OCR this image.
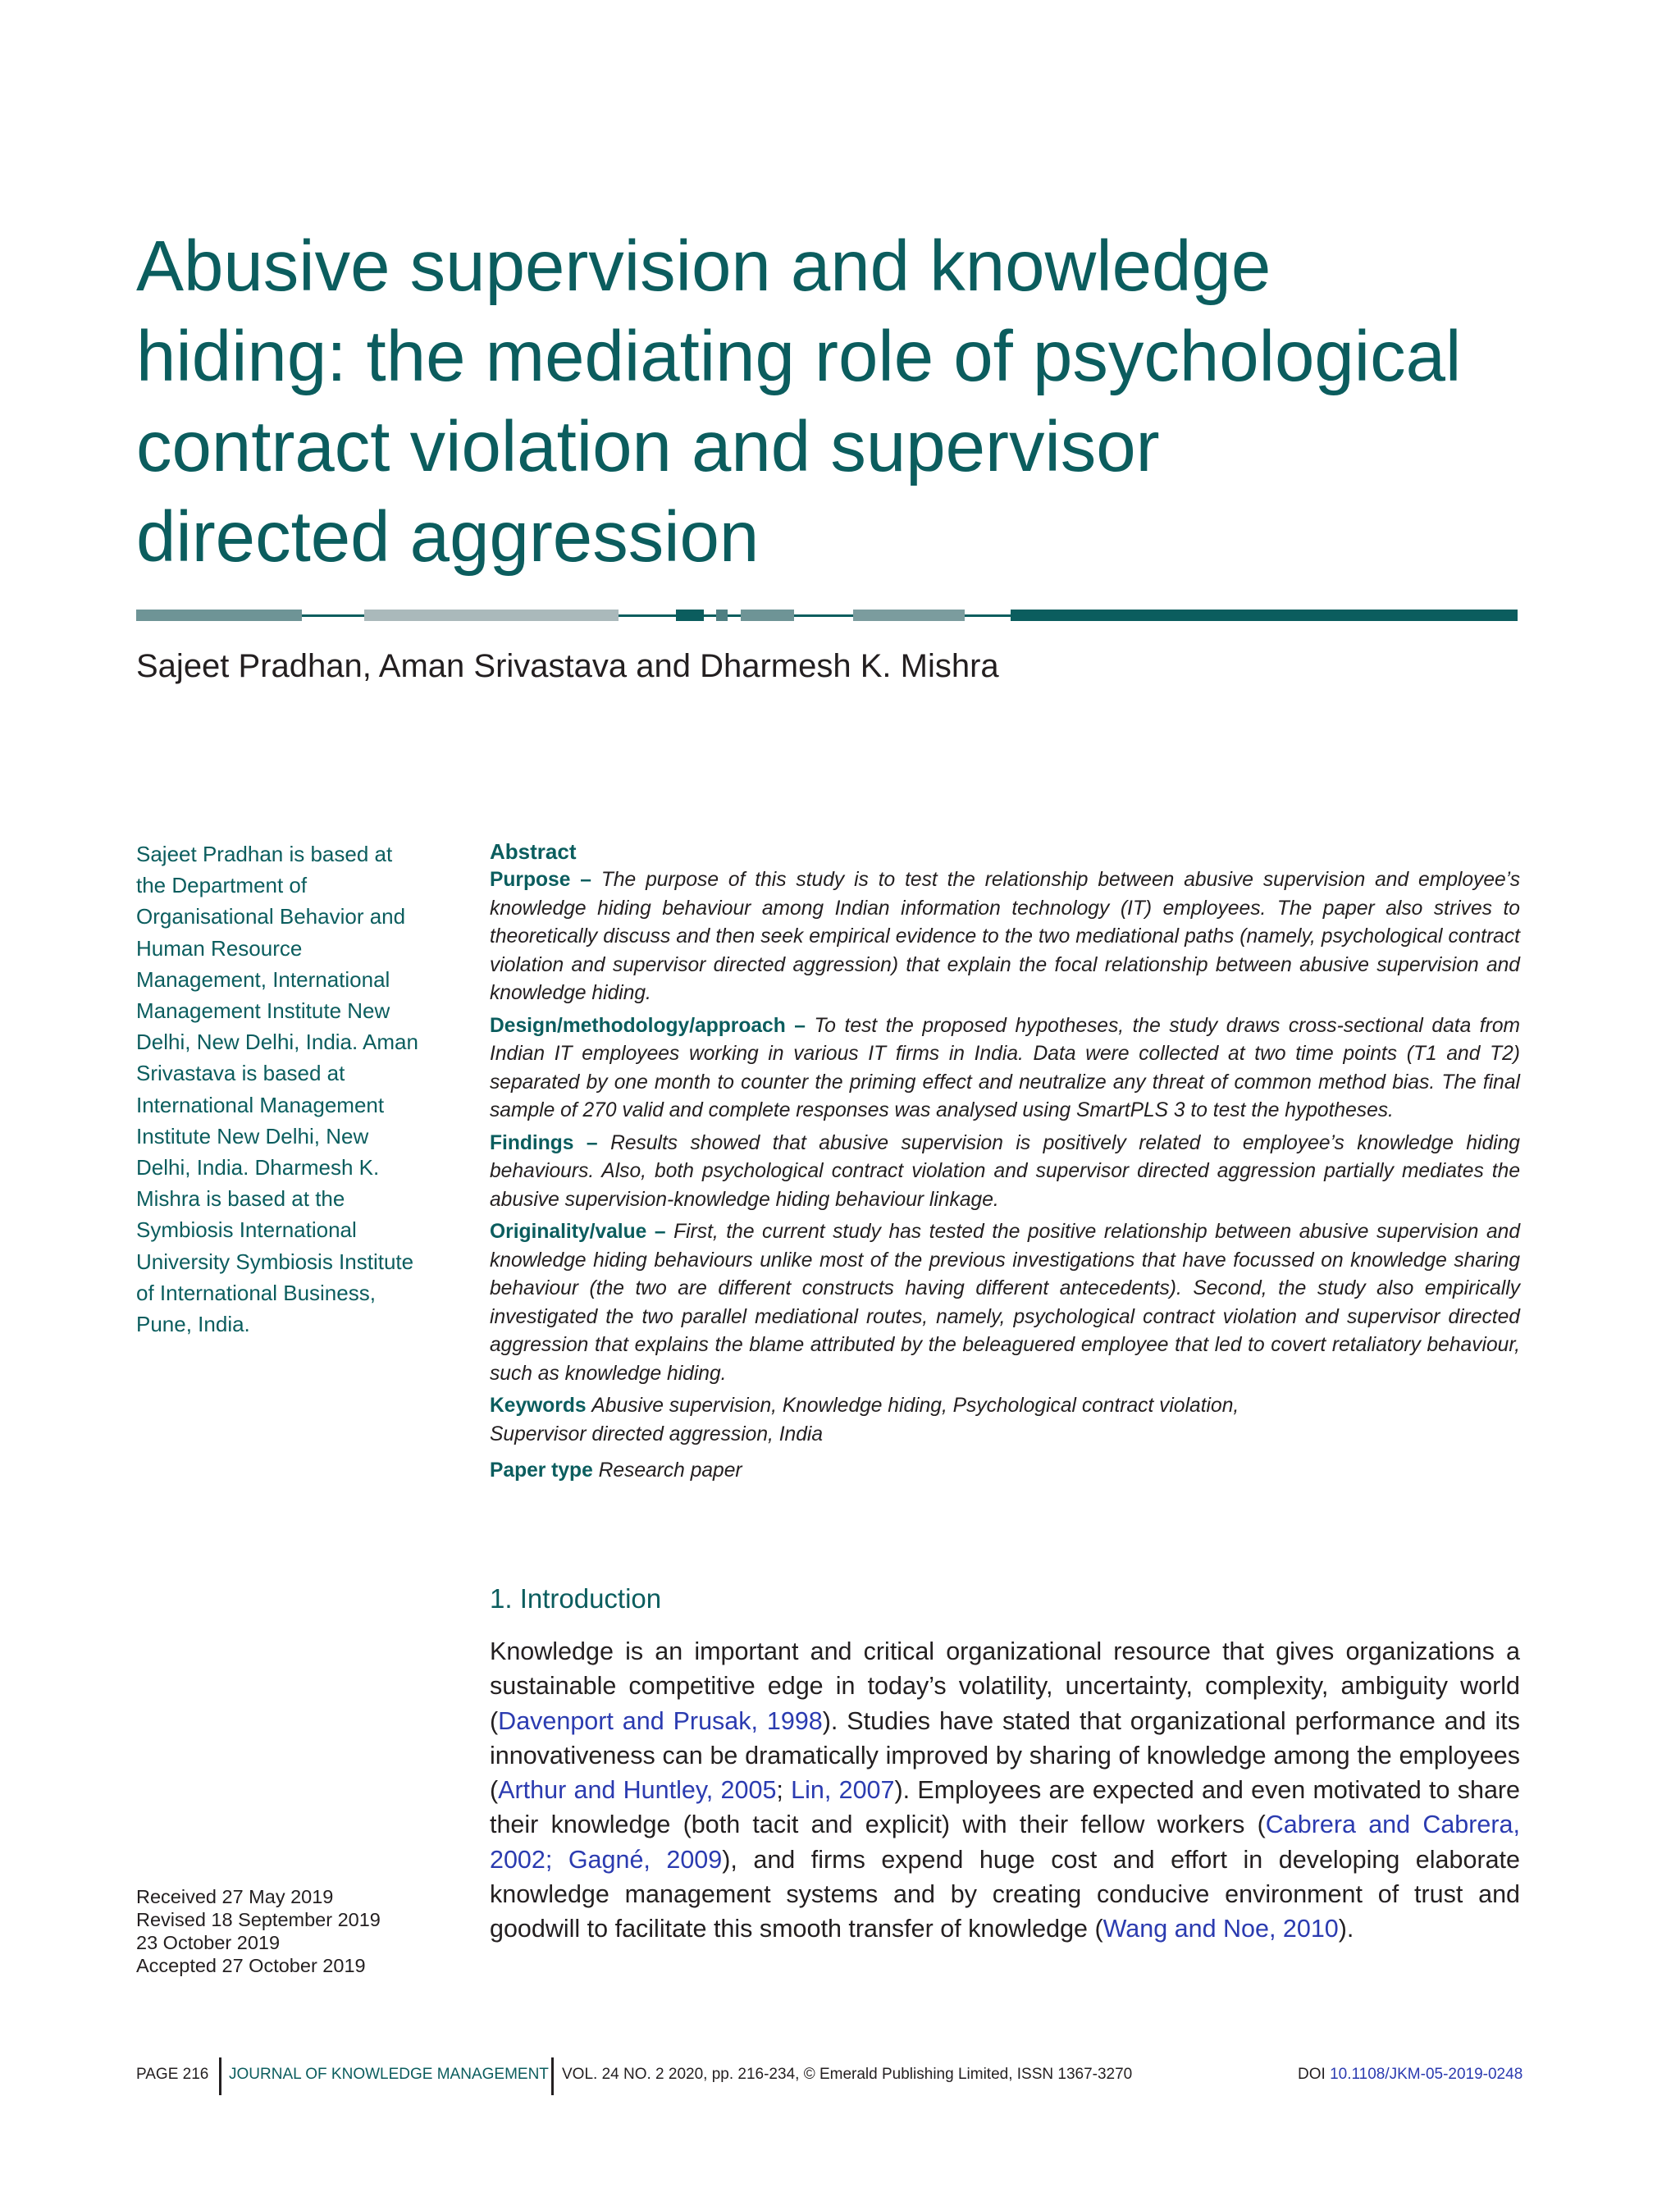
Abusive supervision and knowledge
hiding: the mediating role of psychological
contract violation and supervisor
directed aggression
Sajeet Pradhan, Aman Srivastava and Dharmesh K. Mishra
Sajeet Pradhan is based at the Department of Organisational Behavior and Human Resource Management, International Management Institute New Delhi, New Delhi, India. Aman Srivastava is based at International Management Institute New Delhi, New Delhi, India. Dharmesh K. Mishra is based at the Symbiosis International University Symbiosis Institute of International Business, Pune, India.
Received 27 May 2019
Revised 18 September 2019
23 October 2019
Accepted 27 October 2019
Abstract

Purpose – The purpose of this study is to test the relationship between abusive supervision and employee’s knowledge hiding behaviour among Indian information technology (IT) employees. The paper also strives to theoretically discuss and then seek empirical evidence to the two mediational paths (namely, psychological contract violation and supervisor directed aggression) that explain the focal relationship between abusive supervision and knowledge hiding.

Design/methodology/approach – To test the proposed hypotheses, the study draws cross-sectional data from Indian IT employees working in various IT firms in India. Data were collected at two time points (T1 and T2) separated by one month to counter the priming effect and neutralize any threat of common method bias. The final sample of 270 valid and complete responses was analysed using SmartPLS 3 to test the hypotheses.

Findings – Results showed that abusive supervision is positively related to employee’s knowledge hiding behaviours. Also, both psychological contract violation and supervisor directed aggression partially mediates the abusive supervision-knowledge hiding behaviour linkage.

Originality/value – First, the current study has tested the positive relationship between abusive supervision and knowledge hiding behaviours unlike most of the previous investigations that have focussed on knowledge sharing behaviour (the two are different constructs having different antecedents). Second, the study also empirically investigated the two parallel mediational routes, namely, psychological contract violation and supervisor directed aggression that explains the blame attributed by the beleaguered employee that led to covert retaliatory behaviour, such as knowledge hiding.

Keywords Abusive supervision, Knowledge hiding, Psychological contract violation,
Supervisor directed aggression, India
Paper type Research paper
1. Introduction

Knowledge is an important and critical organizational resource that gives organizations a sustainable competitive edge in today’s volatility, uncertainty, complexity, ambiguity world (Davenport and Prusak, 1998). Studies have stated that organizational performance and its innovativeness can be dramatically improved by sharing of knowledge among the employees (Arthur and Huntley, 2005; Lin, 2007). Employees are expected and even motivated to share their knowledge (both tacit and explicit) with their fellow workers (Cabrera and Cabrera, 2002; Gagné, 2009), and firms expend huge cost and effort in developing elaborate knowledge management systems and by creating conducive environment of trust and goodwill to facilitate this smooth transfer of knowledge (Wang and Noe, 2010).

PAGE 216 JOURNAL OF KNOWLEDGE MANAGEMENT VOL. 24 NO. 2 2020, pp. 216-234, © Emerald Publishing Limited, ISSN 1367-3270	DOI 10.1108/JKM-05-2019-0248
